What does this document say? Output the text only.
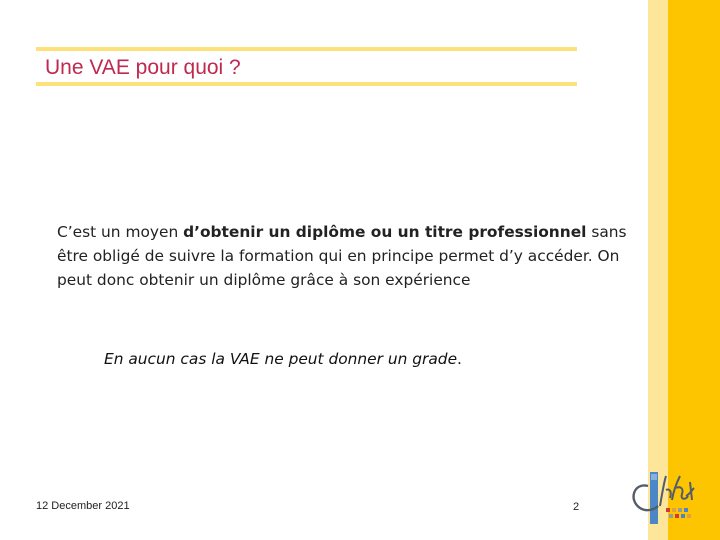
Une VAE pour quoi ?
C’est un moyen d’obtenir un diplôme ou un titre professionnel sans être obligé de suivre la formation qui en principe permet d’y accéder. On peut donc obtenir un diplôme grâce à son expérience
En aucun cas la VAE ne peut donner un grade.
12 December 2021	2
